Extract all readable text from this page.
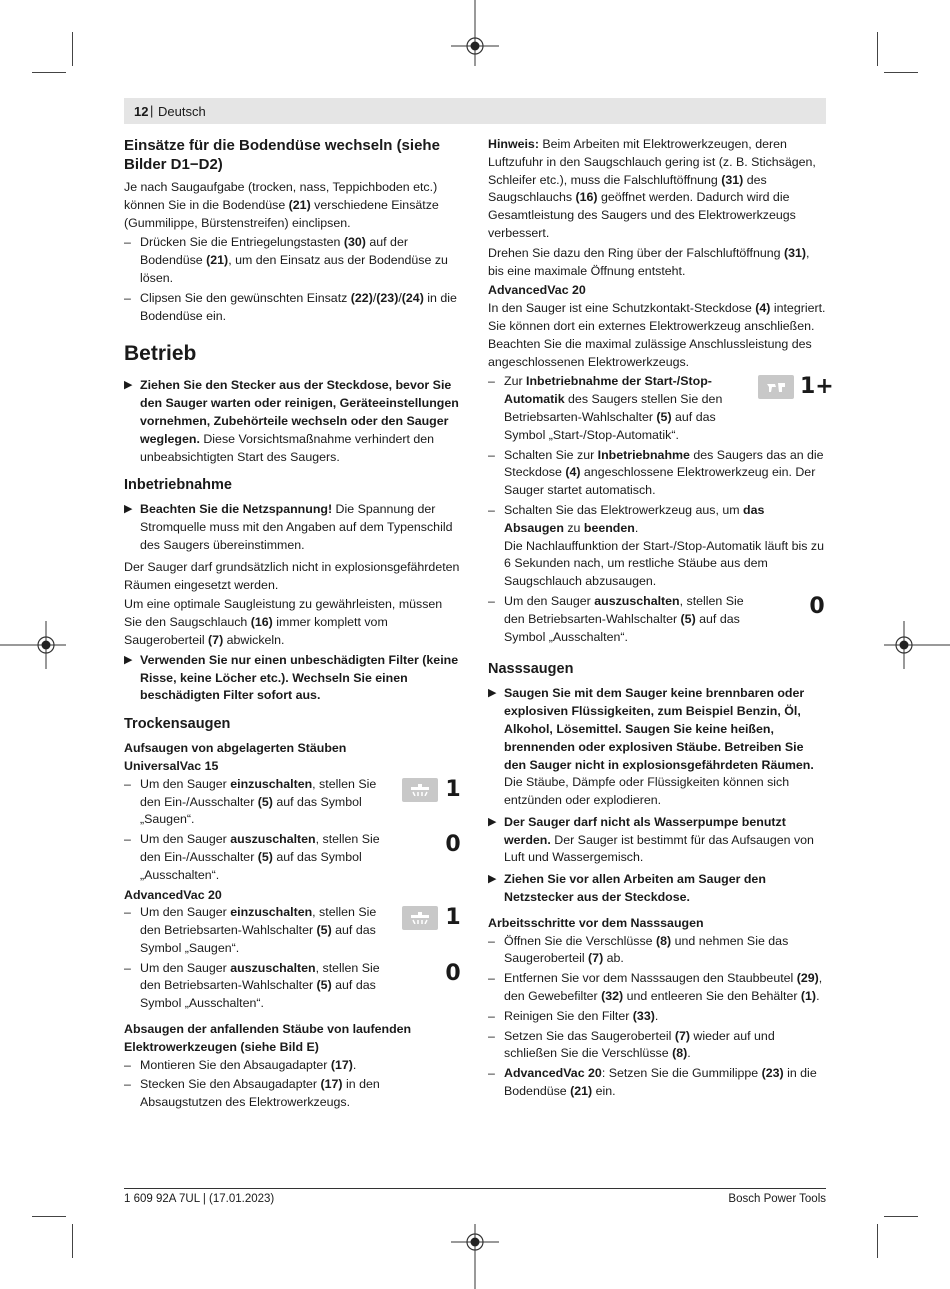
12 | Deutsch
Einsätze für die Bodendüse wechseln (siehe Bilder D1−D2)

Je nach Saugaufgabe (trocken, nass, Teppichboden etc.) können Sie in die Bodendüse (21) verschiedene Einsätze (Gummilippe, Bürstenstreifen) einclipsen.

– Drücken Sie die Entriegelungstasten (30) auf der Bodendüse (21), um den Einsatz aus der Bodendüse zu lösen.
– Clipsen Sie den gewünschten Einsatz (22)/(23)/(24) in die Bodendüse ein.
Betrieb
▶ Ziehen Sie den Stecker aus der Steckdose, bevor Sie den Sauger warten oder reinigen, Geräteeinstellungen vornehmen, Zubehörteile wechseln oder den Sauger weglegen. Diese Vorsichtsmaßnahme verhindert den unbeabsichtigten Start des Saugers.
Inbetriebnahme
▶ Beachten Sie die Netzspannung! Die Spannung der Stromquelle muss mit den Angaben auf dem Typenschild des Saugers übereinstimmen.

Der Sauger darf grundsätzlich nicht in explosionsgefährdeten Räumen eingesetzt werden.

Um eine optimale Saugleistung zu gewährleisten, müssen Sie den Saugschlauch (16) immer komplett vom Saugeroberteil (7) abwickeln.

▶ Verwenden Sie nur einen unbeschädigten Filter (keine Risse, keine Löcher etc.). Wechseln Sie einen beschädigten Filter sofort aus.
Trockensaugen
Aufsaugen von abgelagerten Stäuben
UniversalVac 15
– Um den Sauger einzuschalten, stellen Sie den Ein-/Ausschalter (5) auf das Symbol „Saugen“.
1
– Um den Sauger auszuschalten, stellen Sie den Ein-/Ausschalter (5) auf das Symbol „Ausschalten“.
0
AdvancedVac 20
– Um den Sauger einzuschalten, stellen Sie den Betriebsarten-Wahlschalter (5) auf das Symbol „Saugen“.
1
– Um den Sauger auszuschalten, stellen Sie den Betriebsarten-Wahlschalter (5) auf das Symbol „Ausschalten“.
0
Absaugen der anfallenden Stäube von laufenden Elektrowerkzeugen (siehe Bild E)
– Montieren Sie den Absaugadapter (17).
– Stecken Sie den Absaugadapter (17) in den Absaugstutzen des Elektrowerkzeugs.

Hinweis: Beim Arbeiten mit Elektrowerkzeugen, deren Luftzufuhr in den Saugschlauch gering ist (z. B. Stichsägen, Schleifer etc.), muss die Falschluftöffnung (31) des Saugschlauchs (16) geöffnet werden. Dadurch wird die Gesamtleistung des Saugers und des Elektrowerkzeugs verbessert.

Drehen Sie dazu den Ring über der Falschluftöffnung (31), bis eine maximale Öffnung entsteht.

AdvancedVac 20

In den Sauger ist eine Schutzkontakt-Steckdose (4) integriert. Sie können dort ein externes Elektrowerkzeug anschließen. Beachten Sie die maximal zulässige Anschlussleistung des angeschlossenen Elektrowerkzeugs.

– Zur Inbetriebnahme der Start-/Stop-Automatik des Saugers stellen Sie den Betriebsarten-Wahlschalter (5) auf das Symbol „Start-/Stop-Automatik“.
1+
– Schalten Sie zur Inbetriebnahme des Saugers das an die Steckdose (4) angeschlossene Elektrowerkzeug ein. Der Sauger startet automatisch.
– Schalten Sie das Elektrowerkzeug aus, um das Absaugen zu beenden.
Die Nachlauffunktion der Start-/Stop-Automatik läuft bis zu 6 Sekunden nach, um restliche Stäube aus dem Saugschlauch abzusaugen.
– Um den Sauger auszuschalten, stellen Sie den Betriebsarten-Wahlschalter (5) auf das Symbol „Ausschalten“.
0
Nasssaugen
▶ Saugen Sie mit dem Sauger keine brennbaren oder explosiven Flüssigkeiten, zum Beispiel Benzin, Öl, Alkohol, Lösemittel. Saugen Sie keine heißen, brennenden oder explosiven Stäube. Betreiben Sie den Sauger nicht in explosionsgefährdeten Räumen. Die Stäube, Dämpfe oder Flüssigkeiten können sich entzünden oder explodieren.
▶ Der Sauger darf nicht als Wasserpumpe benutzt werden. Der Sauger ist bestimmt für das Aufsaugen von Luft und Wassergemisch.
▶ Ziehen Sie vor allen Arbeiten am Sauger den Netzstecker aus der Steckdose.
Arbeitsschritte vor dem Nasssaugen
– Öffnen Sie die Verschlüsse (8) und nehmen Sie das Saugeroberteil (7) ab.
– Entfernen Sie vor dem Nasssaugen den Staubbeutel (29), den Gewebefilter (32) und entleeren Sie den Behälter (1).
– Reinigen Sie den Filter (33).
– Setzen Sie das Saugeroberteil (7) wieder auf und schließen Sie die Verschlüsse (8).
– AdvancedVac 20: Setzen Sie die Gummilippe (23) in die Bodendüse (21) ein.
1 609 92A 7UL | (17.01.2023)	Bosch Power Tools
